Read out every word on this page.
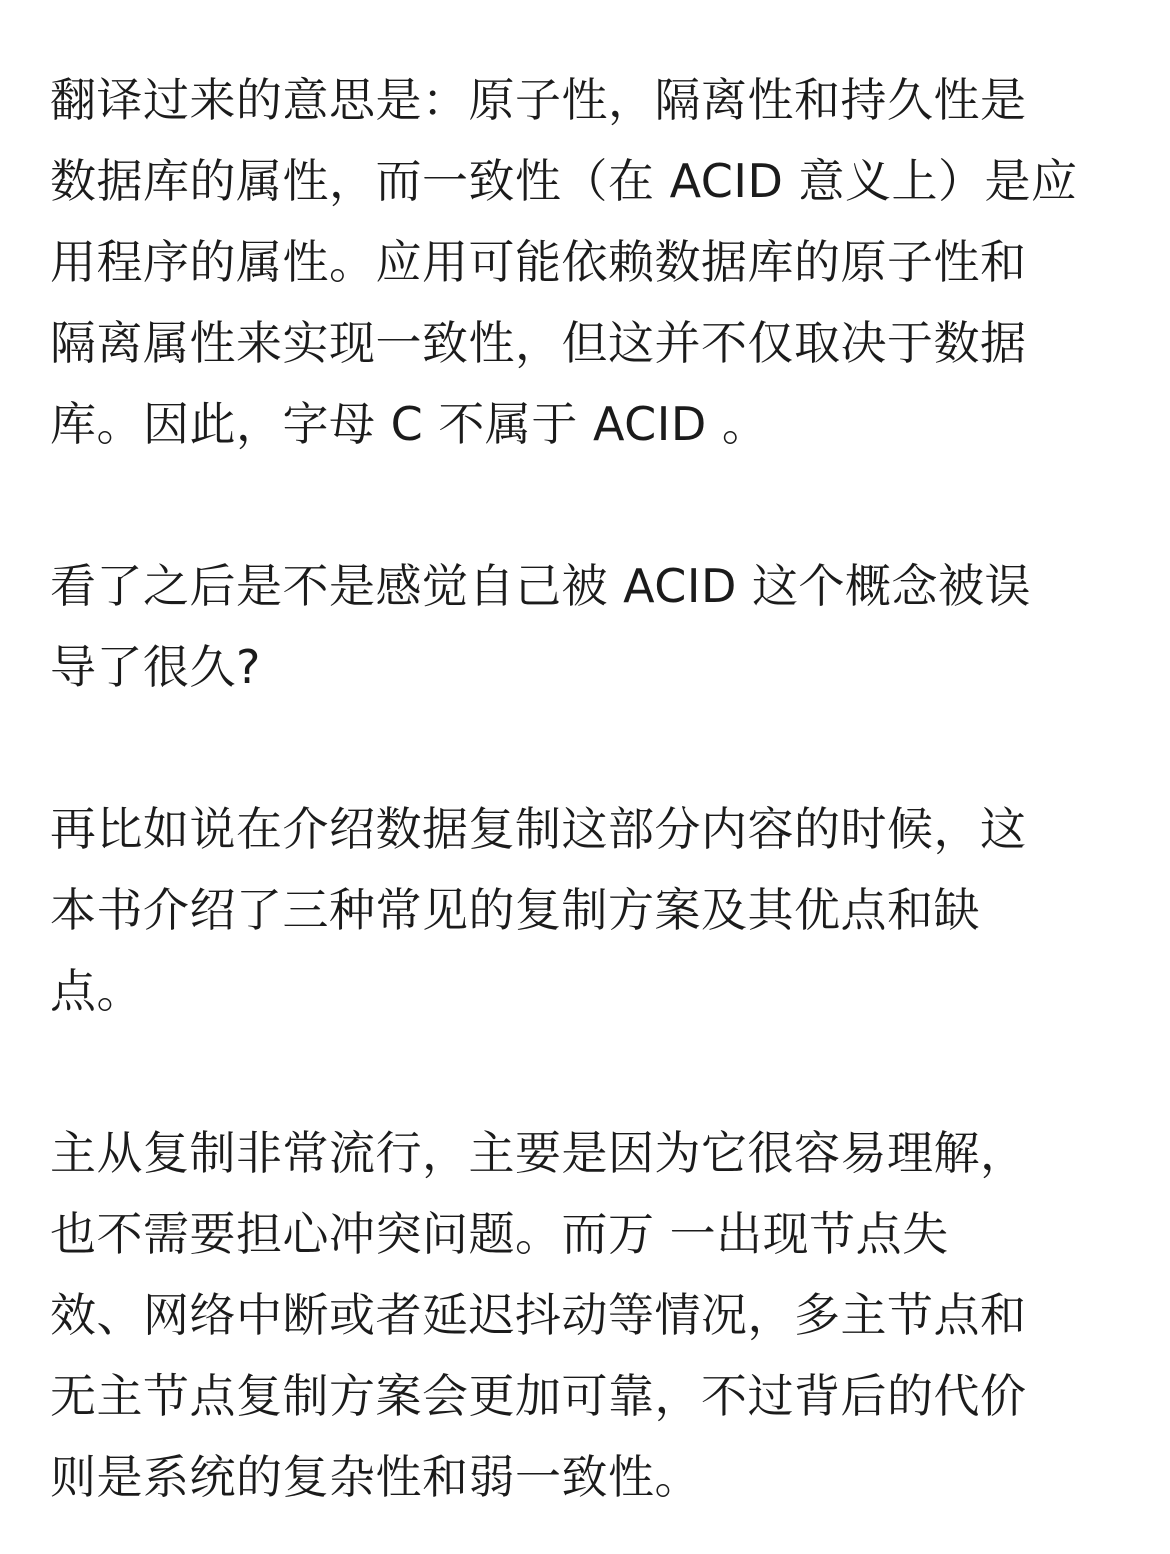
翻译过来的意思是：原子性，隔离性和持久性是
数据库的属性，而一致性（在 ACID 意义上）是应
用程序的属性。应用可能依赖数据库的原子性和
隔离属性来实现一致性，但这并不仅取决于数据
库。因此，字母 C 不属于 ACID 。

看了之后是不是感觉自己被 ACID 这个概念被误
导了很久?

再比如说在介绍数据复制这部分内容的时候，这
本书介绍了三种常见的复制方案及其优点和缺
点。

主从复制非常流行，主要是因为它很容易理解，
也不需要担心冲突问题。而万 一出现节点失
效、网络中断或者延迟抖动等情况，多主节点和
无主节点复制方案会更加可靠，不过背后的代价
则是系统的复杂性和弱一致性。
